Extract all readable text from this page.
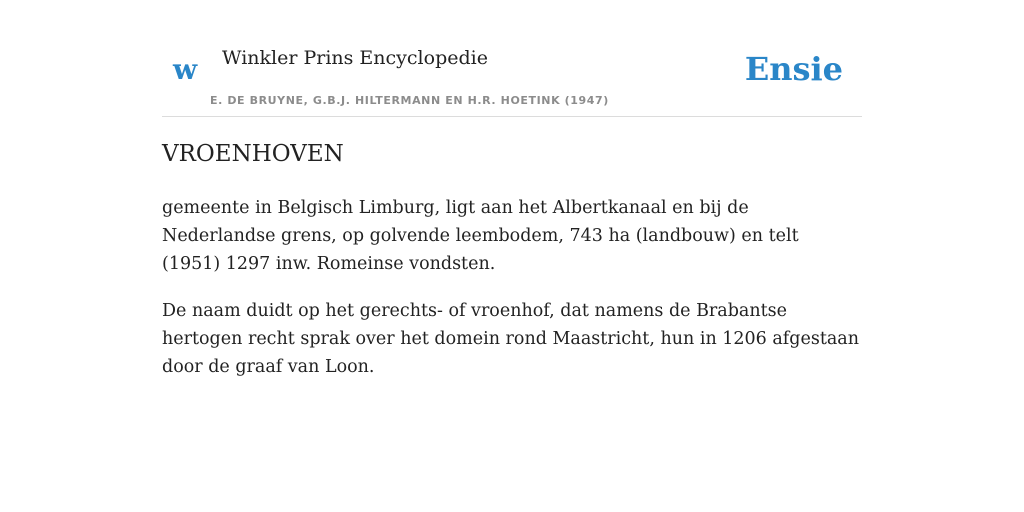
w Winkler Prins Encyclopedie
E. DE BRUYNE, G.B.J. HILTERMANN EN H.R. HOETINK (1947)
Ensie
VROENHOVEN

gemeente in Belgisch Limburg, ligt aan het Albertkanaal en bij de Nederlandse grens, op golvende leembodem, 743 ha (landbouw) en telt (1951) 1297 inw. Romeinse vondsten.

De naam duidt op het gerechts- of vroenhof, dat namens de Brabantse hertogen recht sprak over het domein rond Maastricht, hun in 1206 afgestaan door de graaf van Loon.
